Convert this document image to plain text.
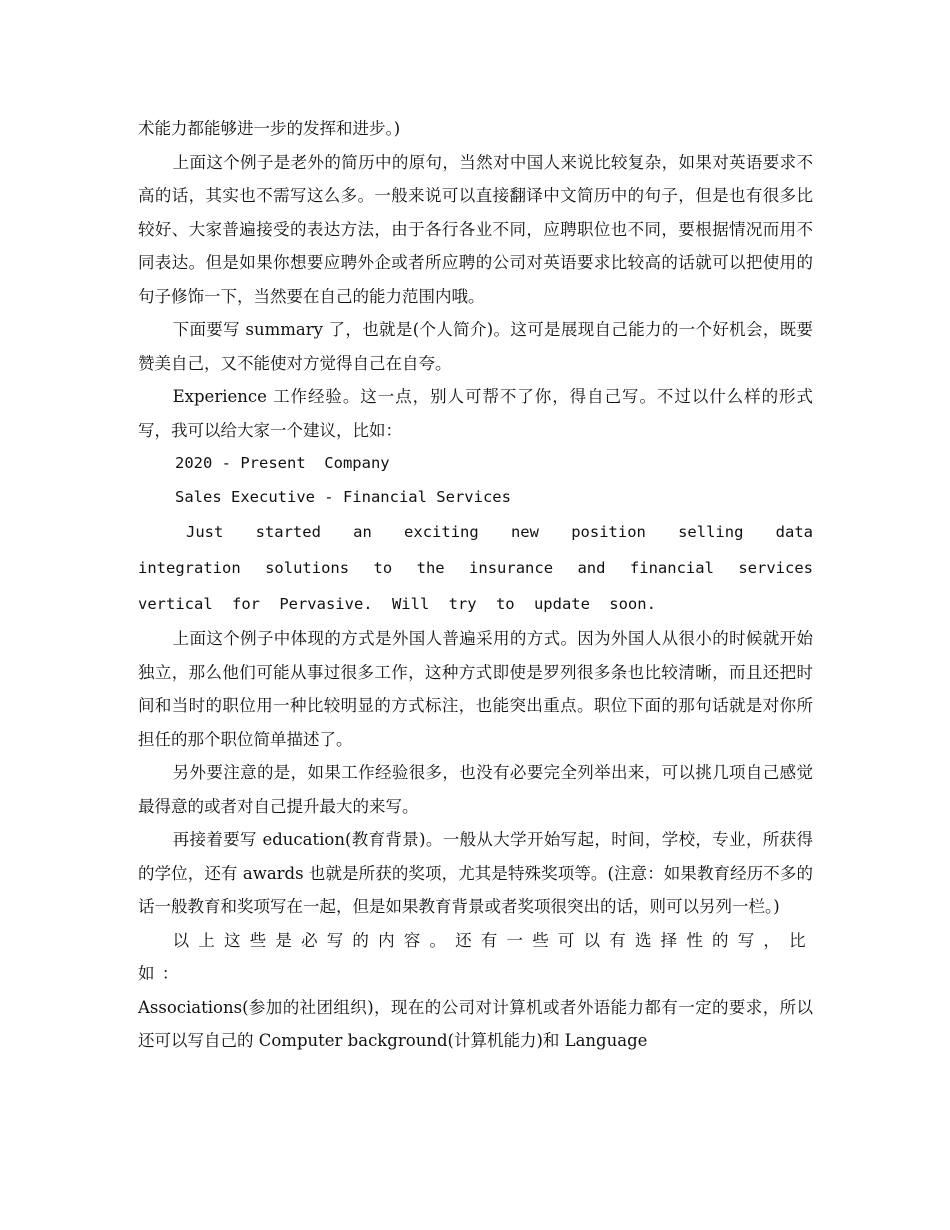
术能力都能够进一步的发挥和进步。)

上面这个例子是老外的简历中的原句，当然对中国人来说比较复杂，如果对英语要求不高的话，其实也不需写这么多。一般来说可以直接翻译中文简历中的句子，但是也有很多比较好、大家普遍接受的表达方法，由于各行各业不同，应聘职位也不同，要根据情况而用不同表达。但是如果你想要应聘外企或者所应聘的公司对英语要求比较高的话就可以把使用的句子修饰一下，当然要在自己的能力范围内哦。

下面要写 summary 了，也就是(个人简介)。这可是展现自己能力的一个好机会，既要赞美自己，又不能使对方觉得自己在自夸。

Experience 工作经验。这一点，别人可帮不了你，得自己写。不过以什么样的形式写，我可以给大家一个建议，比如：

2020 - Present  Company

Sales Executive - Financial Services

Just started an exciting new position selling data integration solutions to the insurance and financial services vertical for Pervasive. Will try to update soon.

上面这个例子中体现的方式是外国人普遍采用的方式。因为外国人从很小的时候就开始独立，那么他们可能从事过很多工作，这种方式即使是罗列很多条也比较清晰，而且还把时间和当时的职位用一种比较明显的方式标注，也能突出重点。职位下面的那句话就是对你所担任的那个职位简单描述了。

另外要注意的是，如果工作经验很多，也没有必要完全列举出来，可以挑几项自己感觉最得意的或者对自己提升最大的来写。

再接着要写 education(教育背景)。一般从大学开始写起，时间，学校，专业，所获得的学位，还有 awards 也就是所获的奖项，尤其是特殊奖项等。(注意：如果教育经历不多的话一般教育和奖项写在一起，但是如果教育背景或者奖项很突出的话，则可以另列一栏。)

以上这些是必写的内容。还有一些可以有选择性的写，比如：

Associations(参加的社团组织)，现在的公司对计算机或者外语能力都有一定的要求，所以还可以写自己的 Computer background(计算机能力)和 Language
